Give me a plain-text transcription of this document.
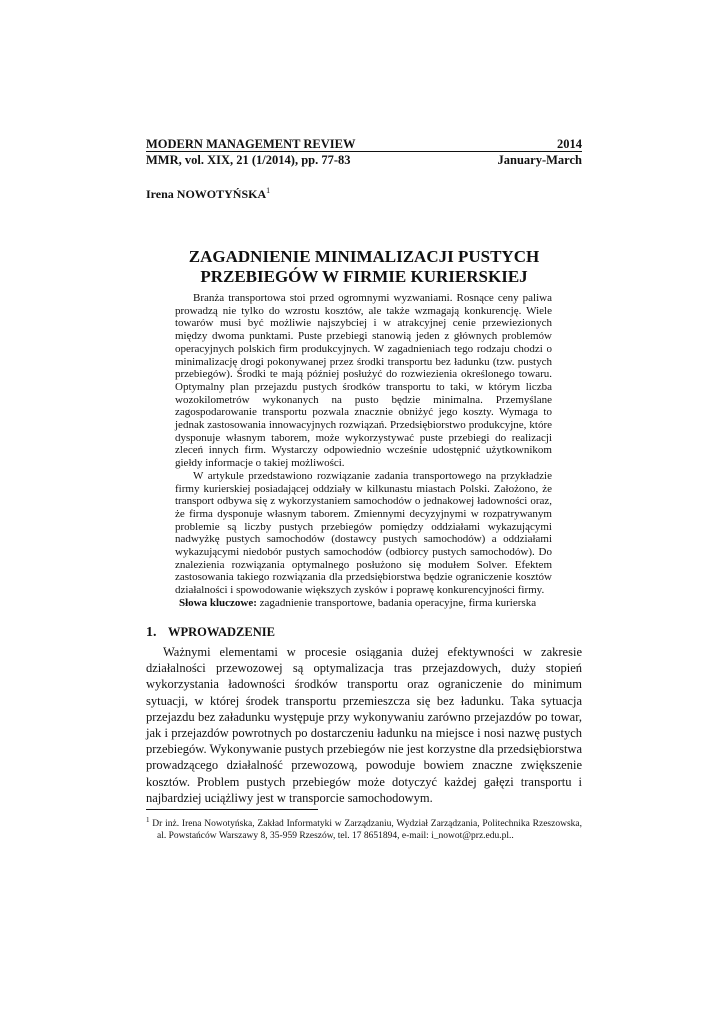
MODERN MANAGEMENT REVIEW	2014
MMR, vol. XIX, 21 (1/2014), pp. 77-83	January-March
Irena NOWOTYŃSKA$^1$
ZAGADNIENIE MINIMALIZACJI PUSTYCH
PRZEBIEGÓW W FIRMIE KURIERSKIEJ

Branża transportowa stoi przed ogromnymi wyzwaniami. Rosnące ceny paliwa prowadzą nie tylko do wzrostu kosztów, ale także wzmagają konkurencję. Wiele towarów musi być możliwie najszybciej i w atrakcyjnej cenie przewiezionych między dwoma punktami. Puste przebiegi stanowią jeden z głównych problemów operacyjnych polskich firm produkcyjnych. W zagadnieniach tego rodzaju chodzi o minimalizację drogi pokonywanej przez środki transportu bez ładunku (tzw. pustych przebiegów). Środki te mają później posłużyć do rozwiezienia określonego towaru. Optymalny plan przejazdu pustych środków transportu to taki, w którym liczba wozokilometrów wykonanych na pusto będzie minimalna. Przemyślane zagospodarowanie transportu pozwala znacznie obniżyć jego koszty. Wymaga to jednak zastosowania innowacyjnych rozwiązań. Przedsiębiorstwo produkcyjne, które dysponuje własnym taborem, może wykorzystywać puste przebiegi do realizacji zleceń innych firm. Wystarczy odpowiednio wcześnie udostępnić użytkownikom giełdy informacje o takiej możliwości.

W artykule przedstawiono rozwiązanie zadania transportowego na przykładzie firmy kurierskiej posiadającej oddziały w kilkunastu miastach Polski. Założono, że transport odbywa się z wykorzystaniem samochodów o jednakowej ładowności oraz, że firma dysponuje własnym taborem. Zmiennymi decyzyjnymi w rozpatrywanym problemie są liczby pustych przebiegów pomiędzy oddziałami wykazującymi nadwyżkę pustych samochodów (dostawcy pustych samochodów) a oddziałami wykazującymi niedobór pustych samochodów (odbiorcy pustych samochodów). Do znalezienia rozwiązania optymalnego posłużono się modułem Solver. Efektem zastosowania takiego rozwiązania dla przedsiębiorstwa będzie ograniczenie kosztów działalności i spowodowanie większych zysków i poprawę konkurencyjności firmy.

Słowa kluczowe: zagadnienie transportowe, badania operacyjne, firma kurierska

1. WPROWADZENIE

Ważnymi elementami w procesie osiągania dużej efektywności w zakresie działalności przewozowej są optymalizacja tras przejazdowych, duży stopień wykorzystania ładowności środków transportu oraz ograniczenie do minimum sytuacji, w której środek transportu przemieszcza się bez ładunku. Taka sytuacja przejazdu bez załadunku występuje przy wykonywaniu zarówno przejazdów po towar, jak i przejazdów powrotnych po dostarczeniu ładunku na miejsce i nosi nazwę pustych przebiegów. Wykonywanie pustych przebiegów nie jest korzystne dla przedsiębiorstwa prowadzącego działalność przewozową, powoduje bowiem znaczne zwiększenie kosztów. Problem pustych przebiegów może dotyczyć każdej gałęzi transportu i najbardziej uciążliwy jest w transporcie samochodowym.

$^1$ Dr inż. Irena Nowotyńska, Zakład Informatyki w Zarządzaniu, Wydział Zarządzania, Politechnika Rzeszowska, al. Powstańców Warszawy 8, 35-959 Rzeszów, tel. 17 8651894, e-mail: i_nowot@prz.edu.pl..
